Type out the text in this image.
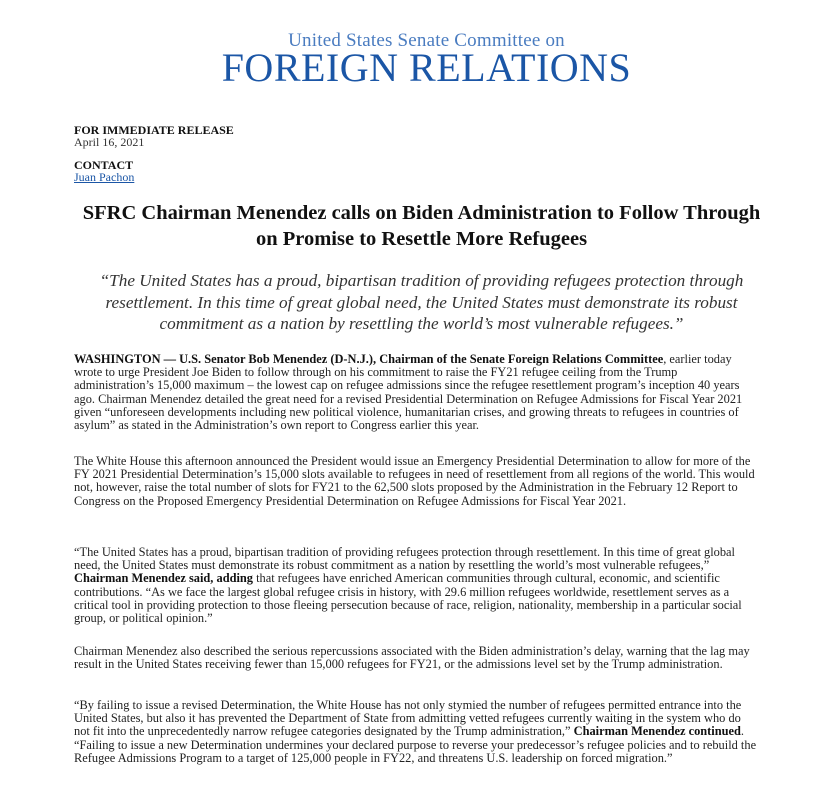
United States Senate Committee on
FOREIGN RELATIONS
FOR IMMEDIATE RELEASE
April 16, 2021
CONTACT
Juan Pachon
SFRC Chairman Menendez calls on Biden Administration to Follow Through on Promise to Resettle More Refugees
“The United States has a proud, bipartisan tradition of providing refugees protection through resettlement. In this time of great global need, the United States must demonstrate its robust commitment as a nation by resettling the world’s most vulnerable refugees.”

WASHINGTON — U.S. Senator Bob Menendez (D-N.J.), Chairman of the Senate Foreign Relations Committee, earlier today wrote to urge President Joe Biden to follow through on his commitment to raise the FY21 refugee ceiling from the Trump administration’s 15,000 maximum – the lowest cap on refugee admissions since the refugee resettlement program’s inception 40 years ago. Chairman Menendez detailed the great need for a revised Presidential Determination on Refugee Admissions for Fiscal Year 2021 given “unforeseen developments including new political violence, humanitarian crises, and growing threats to refugees in countries of asylum” as stated in the Administration’s own report to Congress earlier this year.

The White House this afternoon announced the President would issue an Emergency Presidential Determination to allow for more of the FY 2021 Presidential Determination’s 15,000 slots available to refugees in need of resettlement from all regions of the world. This would not, however, raise the total number of slots for FY21 to the 62,500 slots proposed by the Administration in the February 12 Report to Congress on the Proposed Emergency Presidential Determination on Refugee Admissions for Fiscal Year 2021.

“The United States has a proud, bipartisan tradition of providing refugees protection through resettlement. In this time of great global need, the United States must demonstrate its robust commitment as a nation by resettling the world’s most vulnerable refugees,” Chairman Menendez said, adding that refugees have enriched American communities through cultural, economic, and scientific contributions. “As we face the largest global refugee crisis in history, with 29.6 million refugees worldwide, resettlement serves as a critical tool in providing protection to those fleeing persecution because of race, religion, nationality, membership in a particular social group, or political opinion.”

Chairman Menendez also described the serious repercussions associated with the Biden administration’s delay, warning that the lag may result in the United States receiving fewer than 15,000 refugees for FY21, or the admissions level set by the Trump administration.

“By failing to issue a revised Determination, the White House has not only stymied the number of refugees permitted entrance into the United States, but also it has prevented the Department of State from admitting vetted refugees currently waiting in the system who do not fit into the unprecedentedly narrow refugee categories designated by the Trump administration,” Chairman Menendez continued. “Failing to issue a new Determination undermines your declared purpose to reverse your predecessor’s refugee policies and to rebuild the Refugee Admissions Program to a target of 125,000 people in FY22, and threatens U.S. leadership on forced migration.”
